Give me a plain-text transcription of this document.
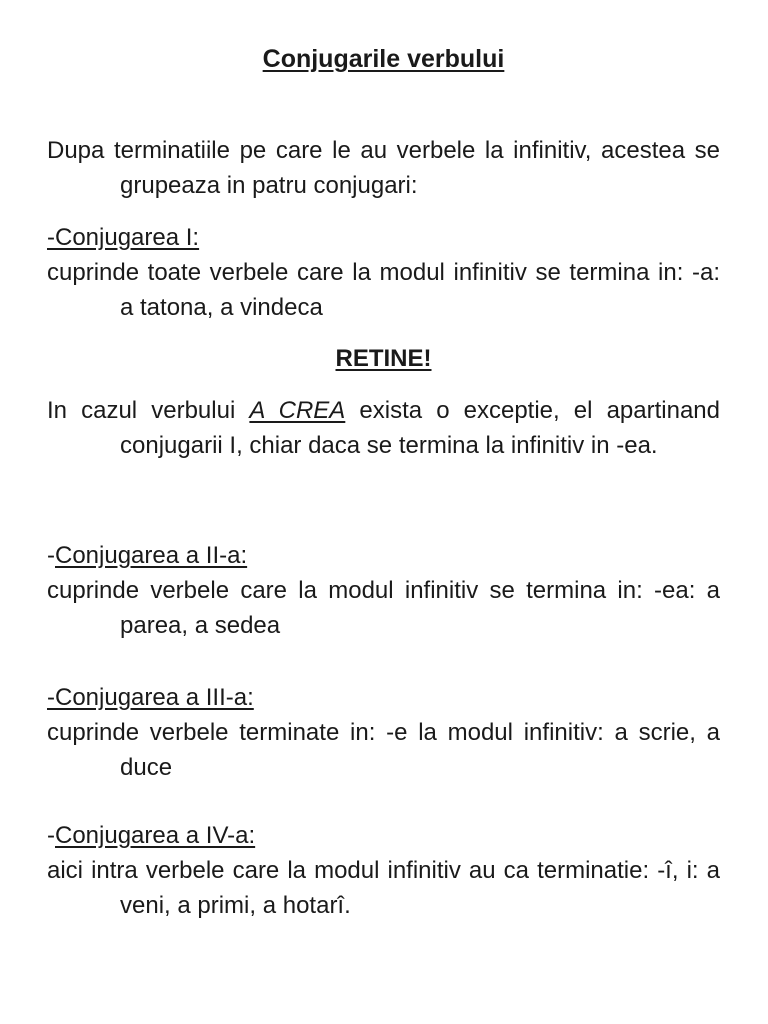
Conjugarile verbului

Dupa terminatiile pe care le au verbele la infinitiv, acestea se grupeaza in patru conjugari:

-Conjugarea I:

cuprinde toate verbele care la modul infinitiv se termina in: -a: a tatona, a vindeca

RETINE!

In cazul verbului A CREA exista o exceptie, el apartinand conjugarii I, chiar daca se termina la infinitiv in -ea.

-Conjugarea a II-a:

cuprinde verbele care la modul infinitiv se termina in: -ea: a parea, a sedea

-Conjugarea a III-a:

cuprinde verbele terminate in: -e la modul infinitiv: a scrie, a duce

-Conjugarea a IV-a:

aici intra verbele care la modul infinitiv au ca terminatie: -î, i: a veni, a primi, a hotarî.
